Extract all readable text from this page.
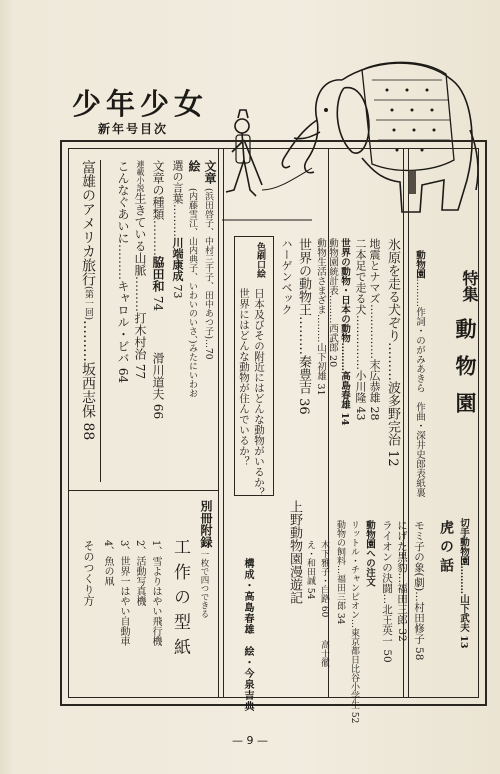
少年少女
新年号目次
特集
動物園
動物園………作詞・のがみあきら　作曲・深井史郎表紙裏
氷原を走る犬ぞり………波多野完治 12
地震とナマズ……………末広恭雄 28
二本足で走る犬……………小川隆 43
世界の動物・日本の動物………高島春雄 14
動物園統計表………西武郎 20
動物生活さまざま………山下初雄 31
世界の動物王………秦豊吉 36
ハーゲンベック
色刷口絵
日本及びその附近にはどんな動物がいるか？
世界にはどんな動物が住んでいるか？
上野動物園漫遊記
構成・高島春雄　絵・今泉吉典
切手動物園………山下武夫 13
虎の話
モミ子の象(劇)…村田修子 58
にげた黒豹…福田三郎 32
ライオンの決闘…北王英一 50
動物園への注文
リットル・チャンピオン…東京都日比谷小学生 52
動物の飼料…福田三郎 34
木下雅子・白路 60
え・和田誠 54
高士徹
文章
(浜田啓子、中村三千子、田中あつ子)…70
絵
(内藤雪江、山内典子、いわいのいさ、)みたにいわお
選の言葉………川端康成 73
文章の種類………脇田和 74
滑川道夫 66
連載小説生きている山脈………打木村治 77
こんなぐあいに………キャロル・ビバ 64
富雄のアメリカ旅行(第一回)………坂西志保 88
別冊附録
一枚で四つできる
工作の型紙
1、雪よりはやい飛行機
2、活動写真機
3、世界一はやい自動車
4、魚の凧
そのつくり方
— 9 —
